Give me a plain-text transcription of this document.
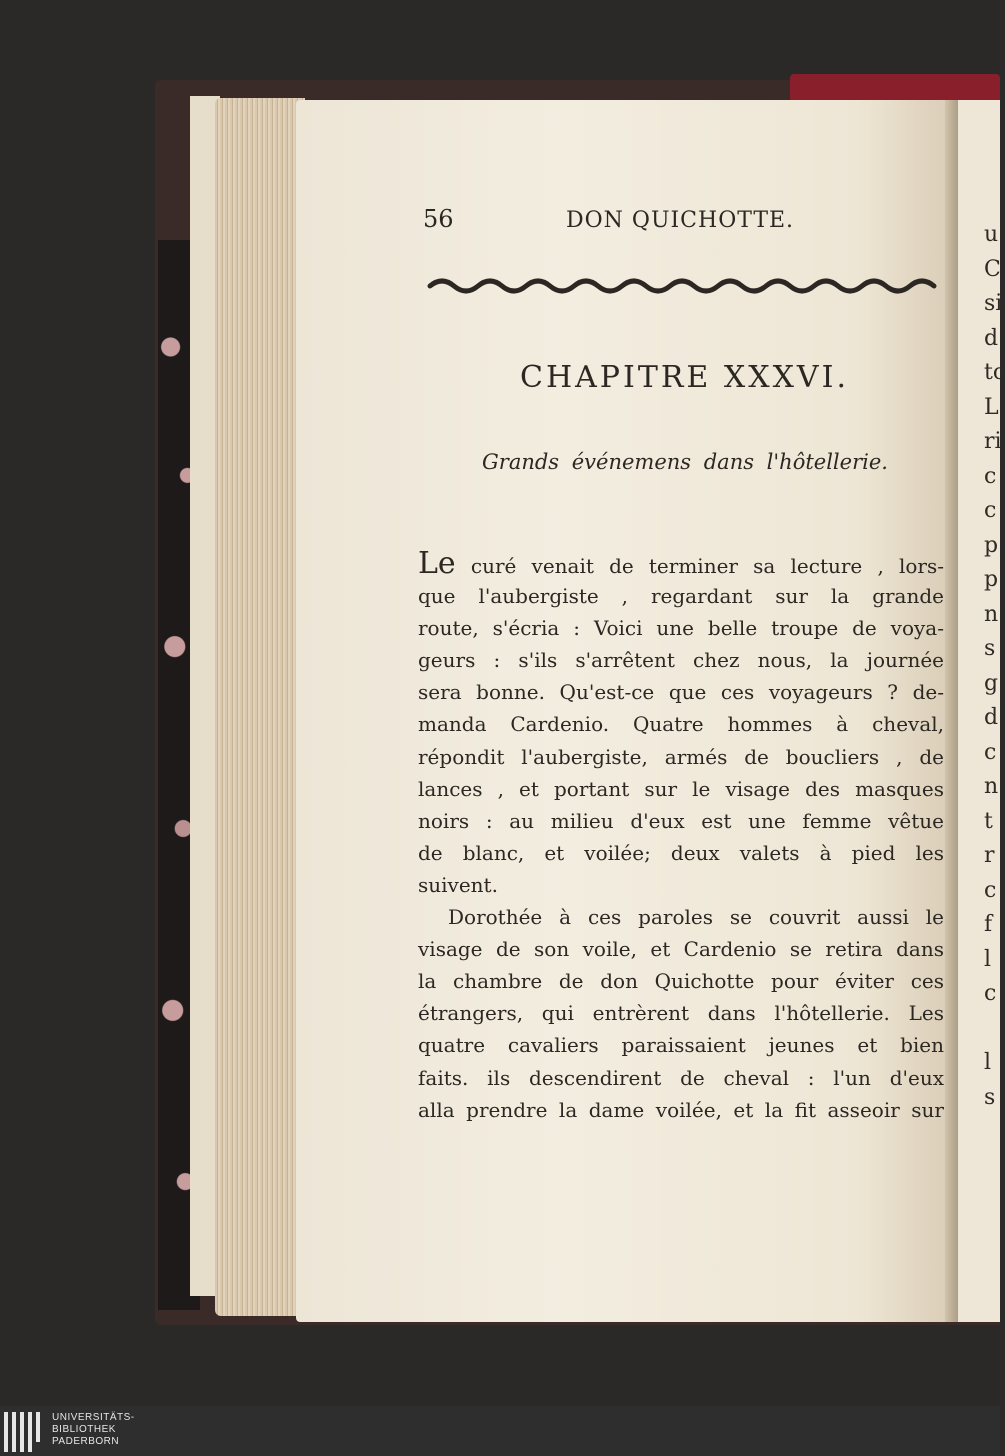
56	DON QUICHOTTE.
CHAPITRE XXXVI.
Grands événemens dans l'hôtellerie.
Le curé venait de terminer sa lecture , lors-
que l'aubergiste , regardant sur la grande
route, s'écria : Voici une belle troupe de voya-
geurs : s'ils s'arrêtent chez nous, la journée
sera bonne. Qu'est-ce que ces voyageurs ? de-
manda Cardenio. Quatre hommes à cheval,
répondit l'aubergiste, armés de boucliers , de
lances , et portant sur le visage des masques
noirs : au milieu d'eux est une femme vêtue
de blanc, et voilée; deux valets à pied les
suivent.
Dorothée à ces paroles se couvrit aussi le
visage de son voile, et Cardenio se retira dans
la chambre de don Quichotte pour éviter ces
étrangers, qui entrèrent dans l'hôtellerie. Les
quatre cavaliers paraissaient jeunes et bien
faits. ils descendirent de cheval : l'un d'eux
alla prendre la dame voilée, et la fit asseoir sur
u
C
si
d
tc
L
ri
c
c
p
p
n
s
g
d
c
n
t
r
c
f
l
c
l
s
UNIVERSITÄTS-
BIBLIOTHEK
PADERBORN
